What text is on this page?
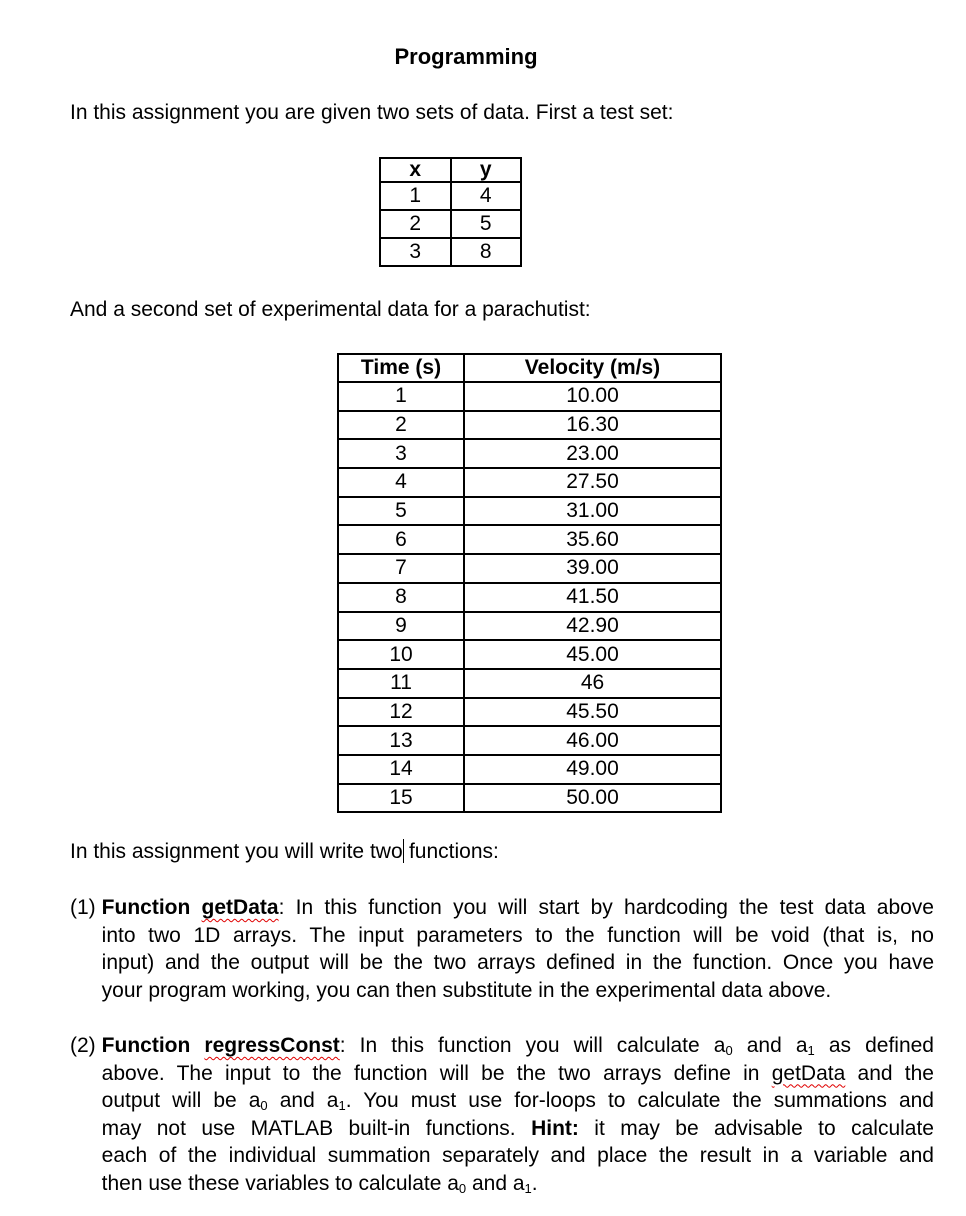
Programming
In this assignment you are given two sets of data. First a test set:
x	y
1	4
2	5
3	8
And a second set of experimental data for a parachutist:
Time (s)	Velocity (m/s)
1	10.00
2	16.30
3	23.00
4	27.50
5	31.00
6	35.60
7	39.00
8	41.50
9	42.90
10	45.00
11	46
12	45.50
13	46.00
14	49.00
15	50.00
In this assignment you will write two functions:
(1) Function getData: In this function you will start by hardcoding the test data above
into two 1D arrays. The input parameters to the function will be void (that is, no
input) and the output will be the two arrays defined in the function. Once you have
your program working, you can then substitute in the experimental data above.
(2) Function regressConst: In this function you will calculate $a_0$ and $a_1$ as defined
above. The input to the function will be the two arrays define in getData and the
output will be $a_0$ and $a_1$. You must use for-loops to calculate the summations and
may not use MATLAB built-in functions. Hint: it may be advisable to calculate
each of the individual summation separately and place the result in a variable and
then use these variables to calculate $a_0$ and $a_1$.
